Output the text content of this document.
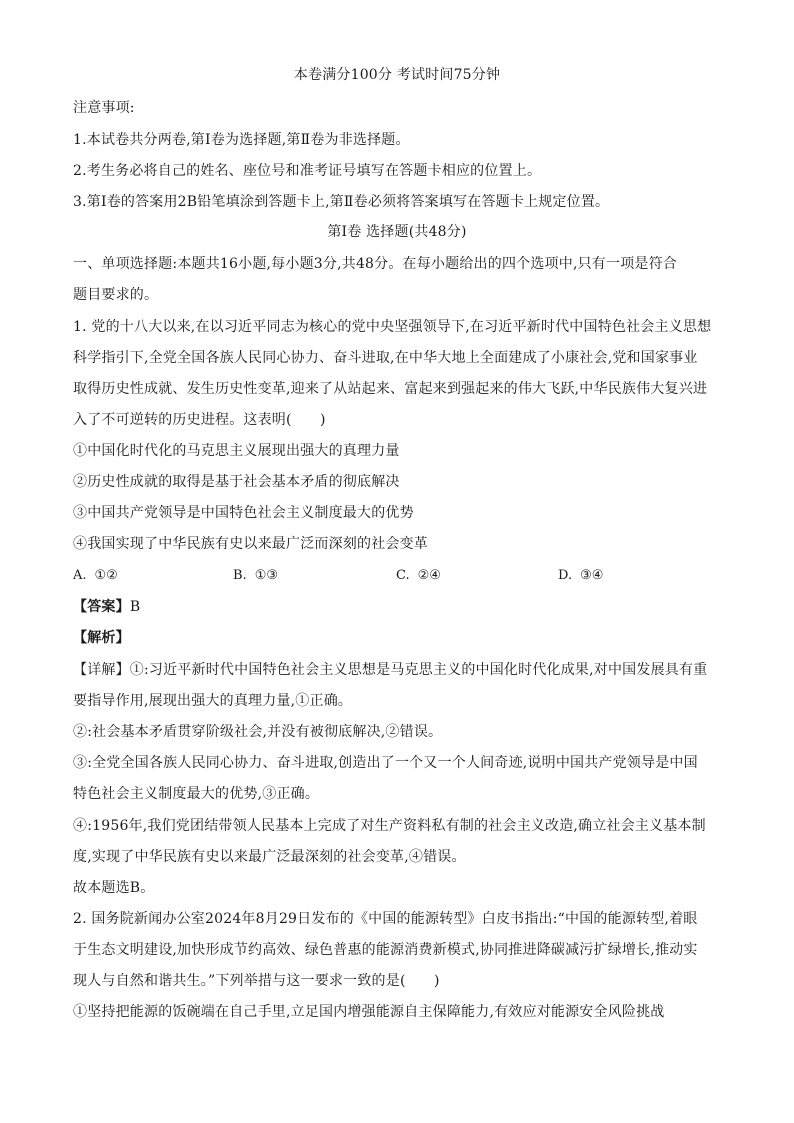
本卷满分100分 考试时间75分钟
注意事项:
1.本试卷共分两卷,第Ⅰ卷为选择题,第Ⅱ卷为非选择题。
2.考生务必将自己的姓名、座位号和准考证号填写在答题卡相应的位置上。
3.第Ⅰ卷的答案用2B铅笔填涂到答题卡上,第Ⅱ卷必须将答案填写在答题卡上规定位置。
第Ⅰ卷 选择题(共48分)
一、单项选择题:本题共16小题,每小题3分,共48分。在每小题给出的四个选项中,只有一项是符合
题目要求的。
1. 党的十八大以来,在以习近平同志为核心的党中央坚强领导下,在习近平新时代中国特色社会主义思想
科学指引下,全党全国各族人民同心协力、奋斗进取,在中华大地上全面建成了小康社会,党和国家事业
取得历史性成就、发生历史性变革,迎来了从站起来、富起来到强起来的伟大飞跃,中华民族伟大复兴进
入了不可逆转的历史进程。这表明(　　)
①中国化时代化的马克思主义展现出强大的真理力量
②历史性成就的取得是基于社会基本矛盾的彻底解决
③中国共产党领导是中国特色社会主义制度最大的优势
④我国实现了中华民族有史以来最广泛而深刻的社会变革
A. ①②	B. ①③	C. ②④	D. ③④
【答案】B
【解析】
【详解】①:习近平新时代中国特色社会主义思想是马克思主义的中国化时代化成果,对中国发展具有重
要指导作用,展现出强大的真理力量,①正确。
②:社会基本矛盾贯穿阶级社会,并没有被彻底解决,②错误。
③:全党全国各族人民同心协力、奋斗进取,创造出了一个又一个人间奇迹,说明中国共产党领导是中国
特色社会主义制度最大的优势,③正确。
④:1956年,我们党团结带领人民基本上完成了对生产资料私有制的社会主义改造,确立社会主义基本制
度,实现了中华民族有史以来最广泛最深刻的社会变革,④错误。
故本题选B。
2. 国务院新闻办公室2024年8月29日发布的《中国的能源转型》白皮书指出:“中国的能源转型,着眼
于生态文明建设,加快形成节约高效、绿色普惠的能源消费新模式,协同推进降碳减污扩绿增长,推动实
现人与自然和谐共生。”下列举措与这一要求一致的是(　　)
①坚持把能源的饭碗端在自己手里,立足国内增强能源自主保障能力,有效应对能源安全风险挑战
